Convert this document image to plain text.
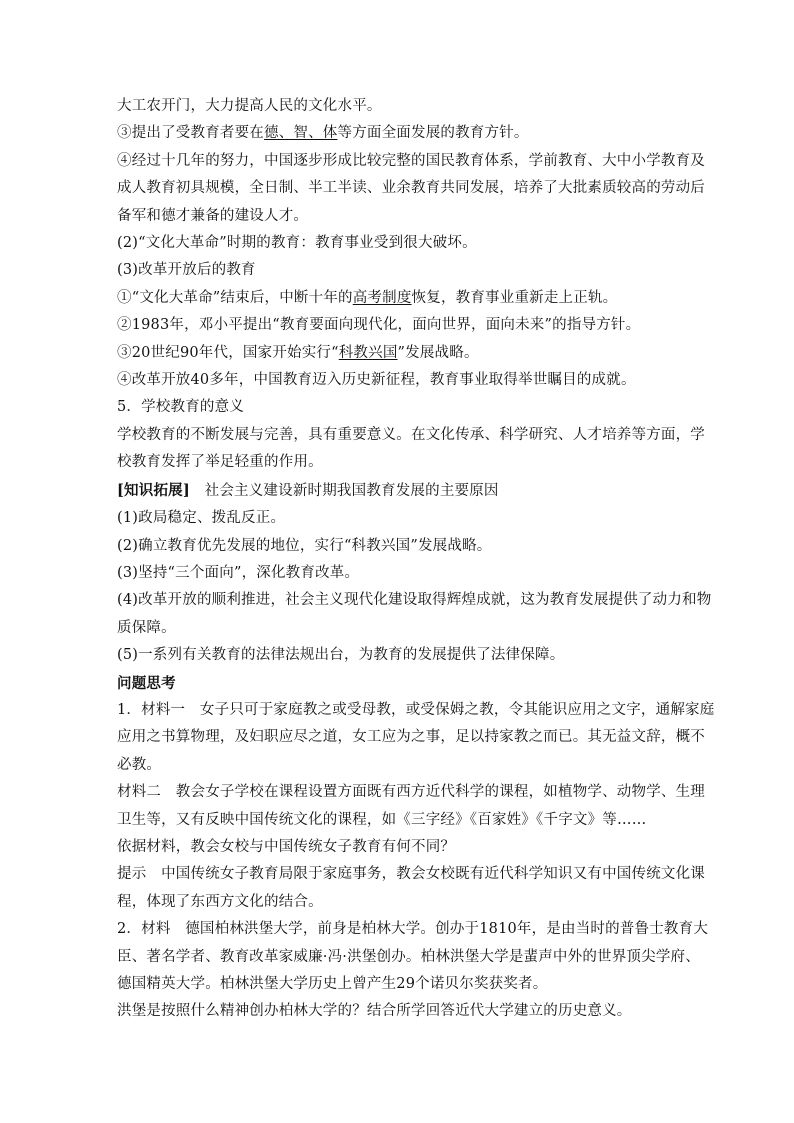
大工农开门，大力提高人民的文化水平。

③提出了受教育者要在德、智、体等方面全面发展的教育方针。

④经过十几年的努力，中国逐步形成比较完整的国民教育体系，学前教育、大中小学教育及

成人教育初具规模，全日制、半工半读、业余教育共同发展，培养了大批素质较高的劳动后

备军和德才兼备的建设人才。

(2)“文化大革命”时期的教育：教育事业受到很大破坏。

(3)改革开放后的教育

①“文化大革命”结束后，中断十年的高考制度恢复，教育事业重新走上正轨。

②1983年，邓小平提出“教育要面向现代化，面向世界，面向未来”的指导方针。

③20世纪90年代，国家开始实行“科教兴国”发展战略。

④改革开放40多年，中国教育迈入历史新征程，教育事业取得举世瞩目的成就。

5．学校教育的意义

学校教育的不断发展与完善，具有重要意义。在文化传承、科学研究、人才培养等方面，学

校教育发挥了举足轻重的作用。

[知识拓展]　社会主义建设新时期我国教育发展的主要原因

(1)政局稳定、拨乱反正。

(2)确立教育优先发展的地位，实行“科教兴国”发展战略。

(3)坚持“三个面向”，深化教育改革。

(4)改革开放的顺利推进，社会主义现代化建设取得辉煌成就，这为教育发展提供了动力和物

质保障。

(5)一系列有关教育的法律法规出台，为教育的发展提供了法律保障。

问题思考

1．材料一　女子只可于家庭教之或受母教，或受保姆之教，令其能识应用之文字，通解家庭

应用之书算物理，及妇职应尽之道，女工应为之事，足以持家教之而已。其无益文辞，概不

必教。

材料二　教会女子学校在课程设置方面既有西方近代科学的课程，如植物学、动物学、生理

卫生等，又有反映中国传统文化的课程，如《三字经》《百家姓》《千字文》等……

依据材料，教会女校与中国传统女子教育有何不同？

提示　中国传统女子教育局限于家庭事务，教会女校既有近代科学知识又有中国传统文化课

程，体现了东西方文化的结合。

2．材料　德国柏林洪堡大学，前身是柏林大学。创办于1810年，是由当时的普鲁士教育大

臣、著名学者、教育改革家威廉·冯·洪堡创办。柏林洪堡大学是蜚声中外的世界顶尖学府、

德国精英大学。柏林洪堡大学历史上曾产生29个诺贝尔奖获奖者。

洪堡是按照什么精神创办柏林大学的？结合所学回答近代大学建立的历史意义。
